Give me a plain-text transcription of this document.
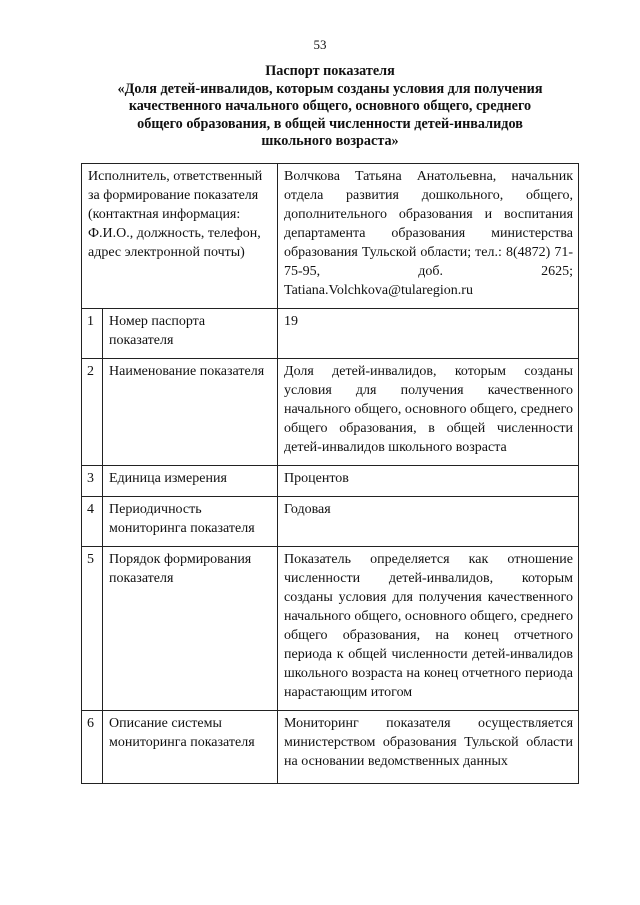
53
Паспорт показателя
«Доля детей-инвалидов, которым созданы условия для получения
качественного начального общего, основного общего, среднего
общего образования, в общей численности детей-инвалидов
школьного возраста»
Исполнитель, ответственный за формирование показателя (контактная информация: Ф.И.О., должность, телефон, адрес электронной почты)		Волчкова Татьяна Анатольевна, начальник отдела развития дошкольного, общего, дополнительного образования и воспитания департамента образования министерства образования Тульской области; тел.: 8(4872) 71-75-95, доб. 2625; Tatiana.Volchkova@tularegion.ru
1	Номер паспорта показателя	19
2	Наименование показателя	Доля детей-инвалидов, которым созданы условия для получения качественного начального общего, основного общего, среднего общего образования, в общей численности детей-инвалидов школьного возраста
3	Единица измерения	Процентов
4	Периодичность мониторинга показателя	Годовая
5	Порядок формирования показателя	Показатель определяется как отношение численности детей-инвалидов, которым созданы условия для получения качественного начального общего, основного общего, среднего общего образования, на конец отчетного периода к общей численности детей-инвалидов школьного возраста на конец отчетного периода нарастающим итогом
6	Описание системы мониторинга показателя	Мониторинг показателя осуществляется министерством образования Тульской области на основании ведомственных данных
